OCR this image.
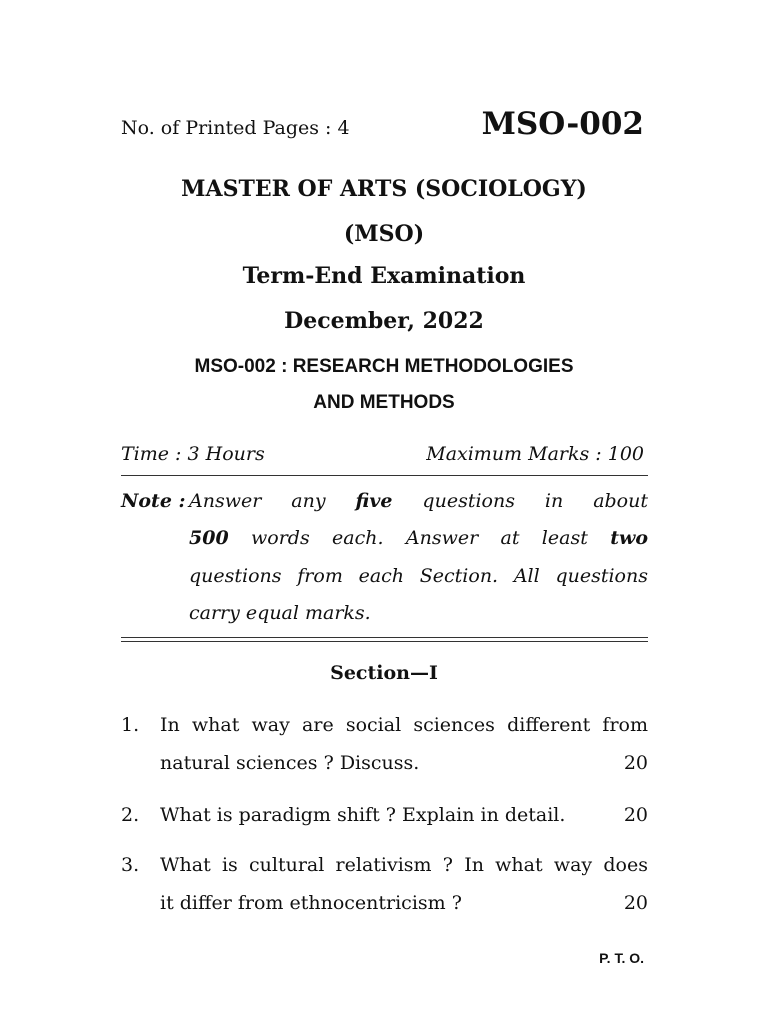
No. of Printed Pages : 4	MSO-002
MASTER OF ARTS (SOCIOLOGY)
(MSO)
Term-End Examination
December, 2022
MSO-002 : RESEARCH METHODOLOGIES
AND METHODS
Time : 3 Hours	Maximum Marks : 100
Note : Answer any five questions in about
500 words each. Answer at least two
questions from each Section. All questions
carry equal marks.
Section—I
1. In what way are social sciences different from
natural sciences ? Discuss.	20
2. What is paradigm shift ? Explain in detail.	20
3. What is cultural relativism ? In what way does
it differ from ethnocentricism ?	20
P. T. O.
